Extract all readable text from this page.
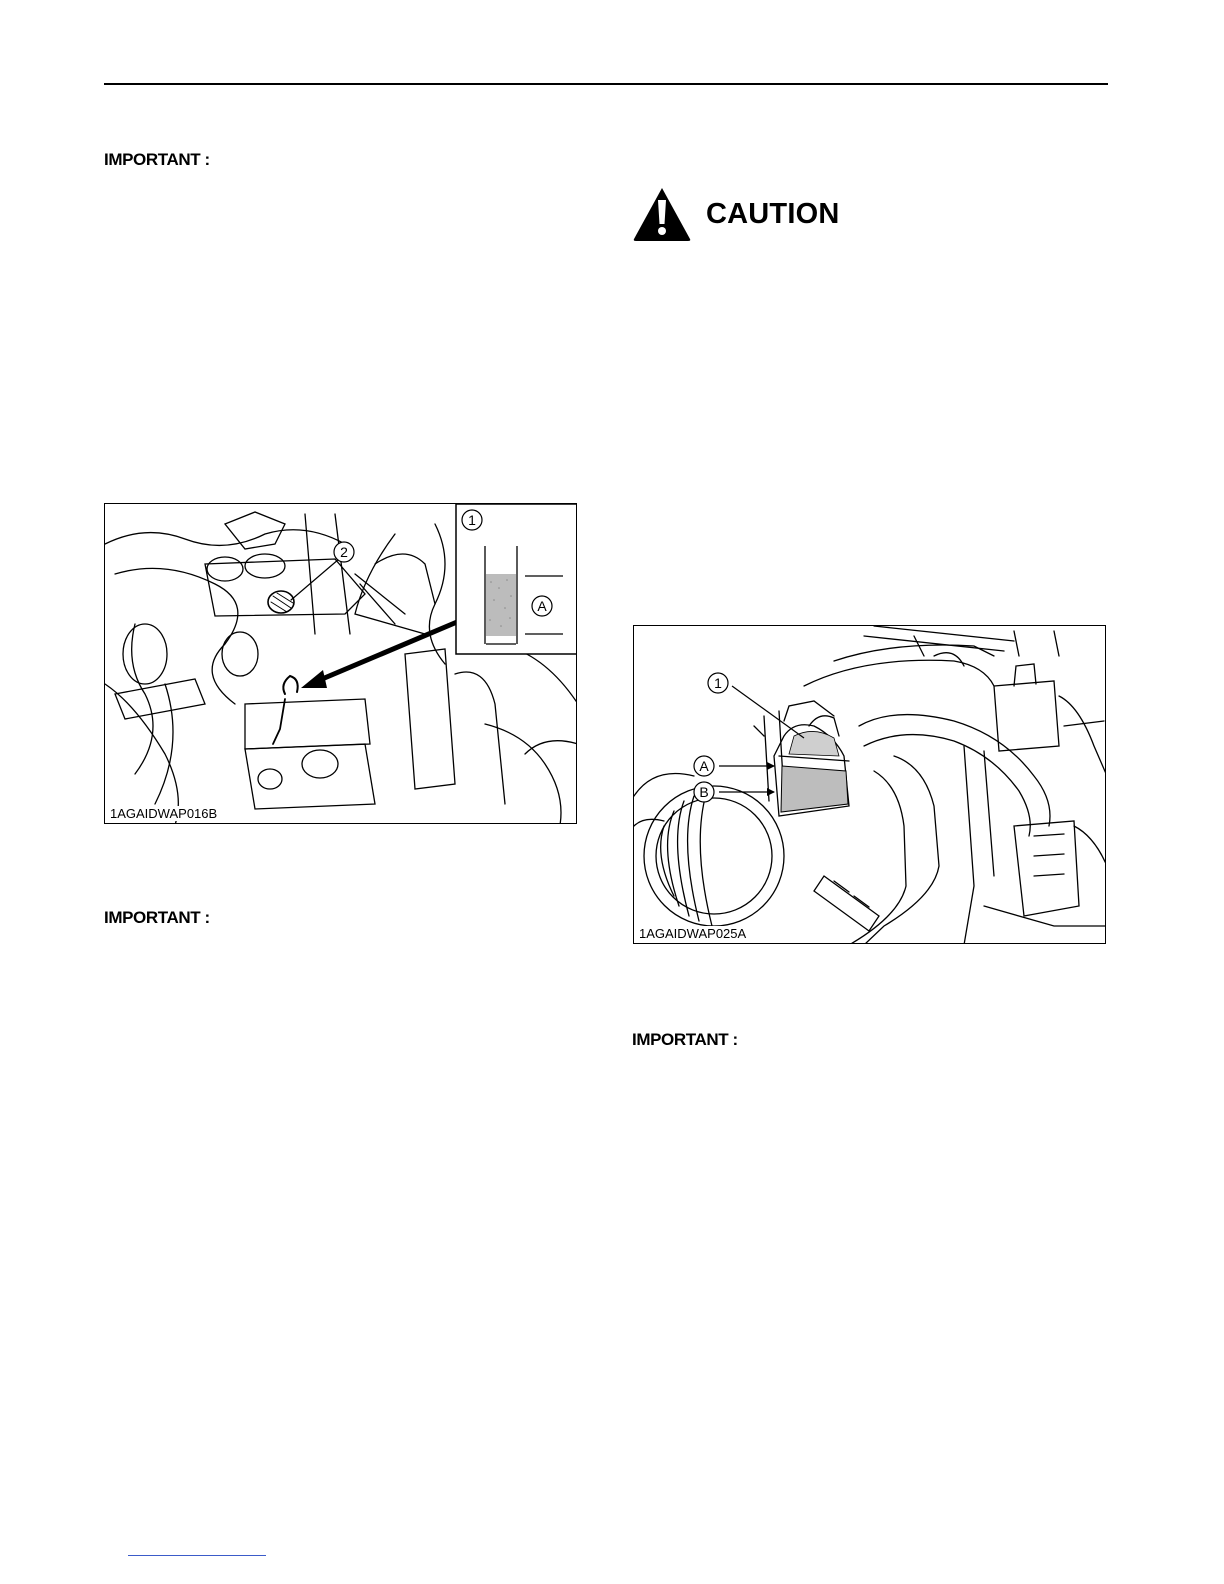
IMPORTANT :
CAUTION
1
A
2
1AGAIDWAP016B
IMPORTANT :
1
A
B
1AGAIDWAP025A
IMPORTANT :
